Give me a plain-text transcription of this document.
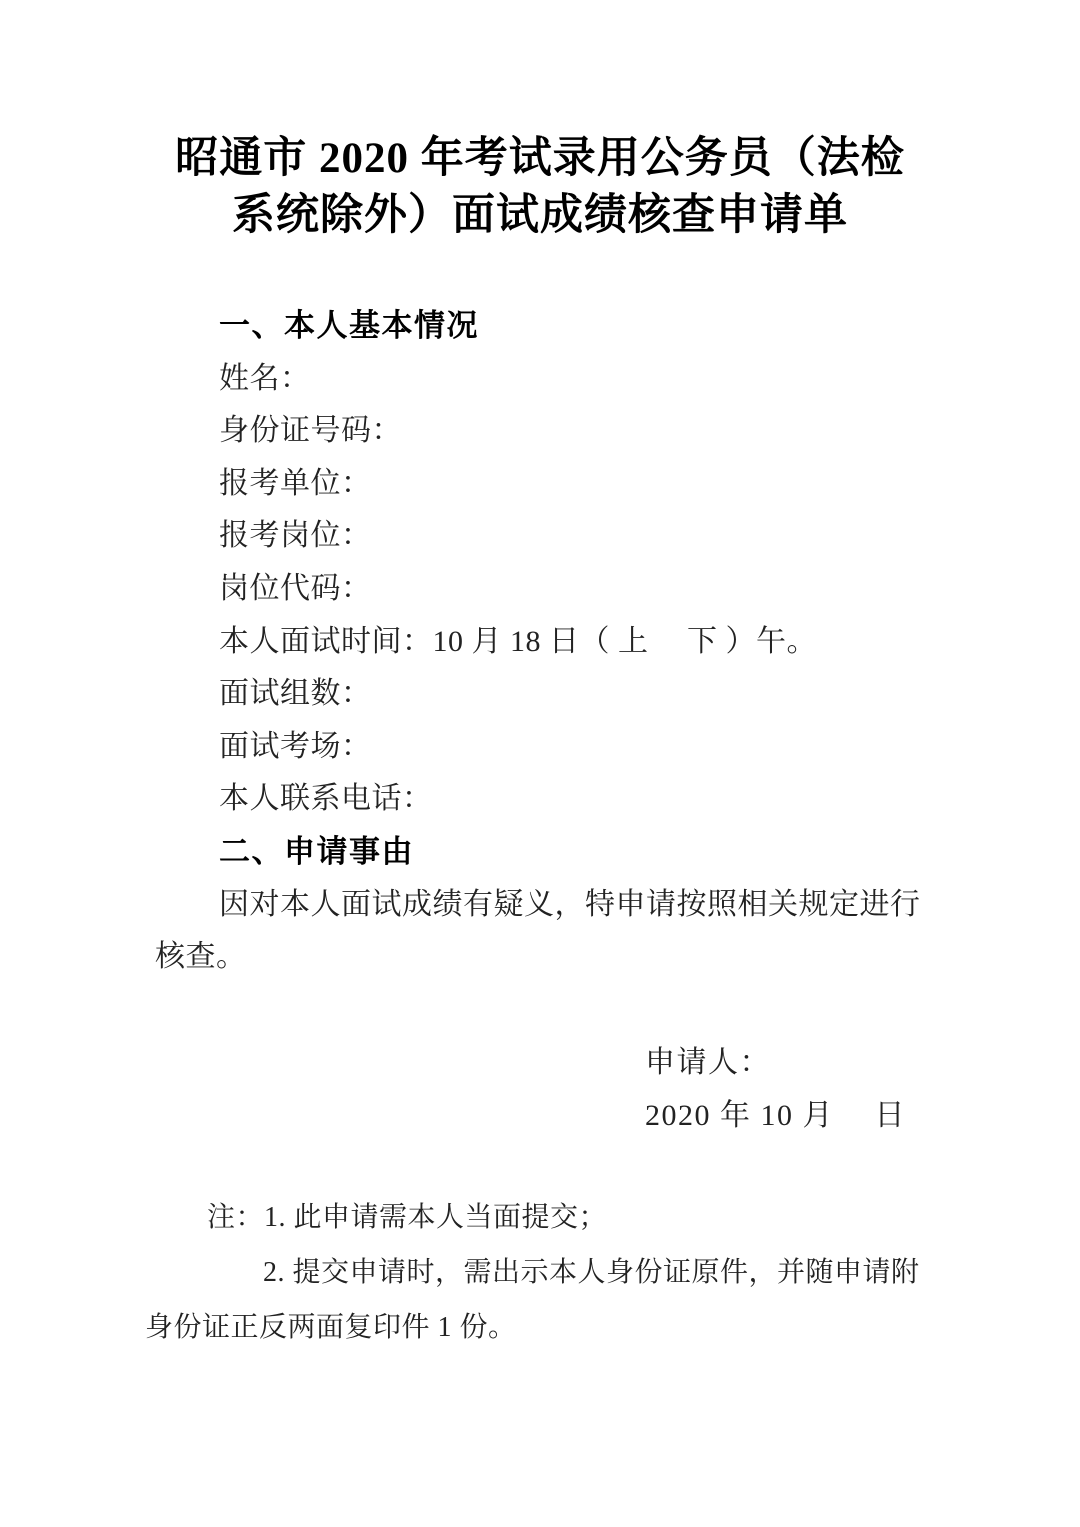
昭通市 2020 年考试录用公务员（法检
系统除外）面试成绩核查申请单
一、本人基本情况
姓名：
身份证号码：
报考单位：
报考岗位：
岗位代码：
本人面试时间：10 月 18 日（ 上　 下 ）午。
面试组数：
面试考场：
本人联系电话：
二、申请事由
因对本人面试成绩有疑义，特申请按照相关规定进行核查。
申请人：
2020 年 10 月　 日
注：1. 此申请需本人当面提交；
2. 提交申请时，需出示本人身份证原件，并随申请附身份证正反两面复印件 1 份。
